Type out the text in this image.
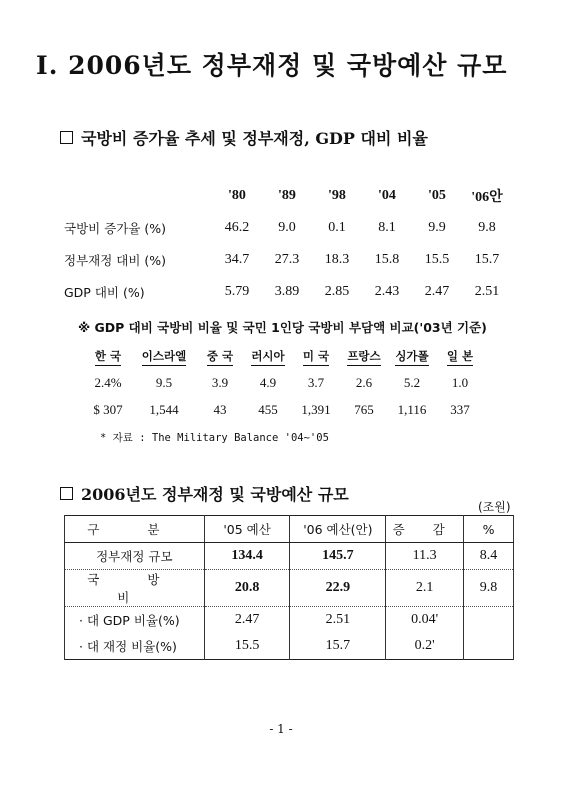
Ⅰ. 2006년도 정부재정 및 국방예산 규모
국방비 증가율 추세 및 정부재정, GDP 대비 비율
'80	'89	'98	'04	'05	'06안
국방비 증가율 (%)	46.2	9.0	0.1	8.1	9.9	9.8
정부재정 대비 (%)	34.7	27.3	18.3	15.8	15.5	15.7
GDP 대비 (%)	5.79	3.89	2.85	2.43	2.47	2.51
※ GDP 대비 국방비 비율 및 국민 1인당 국방비 부담액 비교('03년 기준)
한 국	이스라엘	중 국	러시아	미 국	프랑스	싱가폴	일 본
2.4%	9.5	3.9	4.9	3.7	2.6	5.2	1.0
$ 307	1,544	43	455	1,391	765	1,116	337
* 자료 : The Military Balance '04~'05
2006년도 정부재정 및 국방예산 규모
(조원)
구 분	'05 예산	'06 예산(안)	증 감	%
정부재정 규모	134.4	145.7	11.3	8.4
국 방 비	20.8	22.9	2.1	9.8
· 대 GDP 비율(%)	2.47	2.51	0.04'	
· 대 재정 비율(%)	15.5	15.7	0.2'	
- 1 -
